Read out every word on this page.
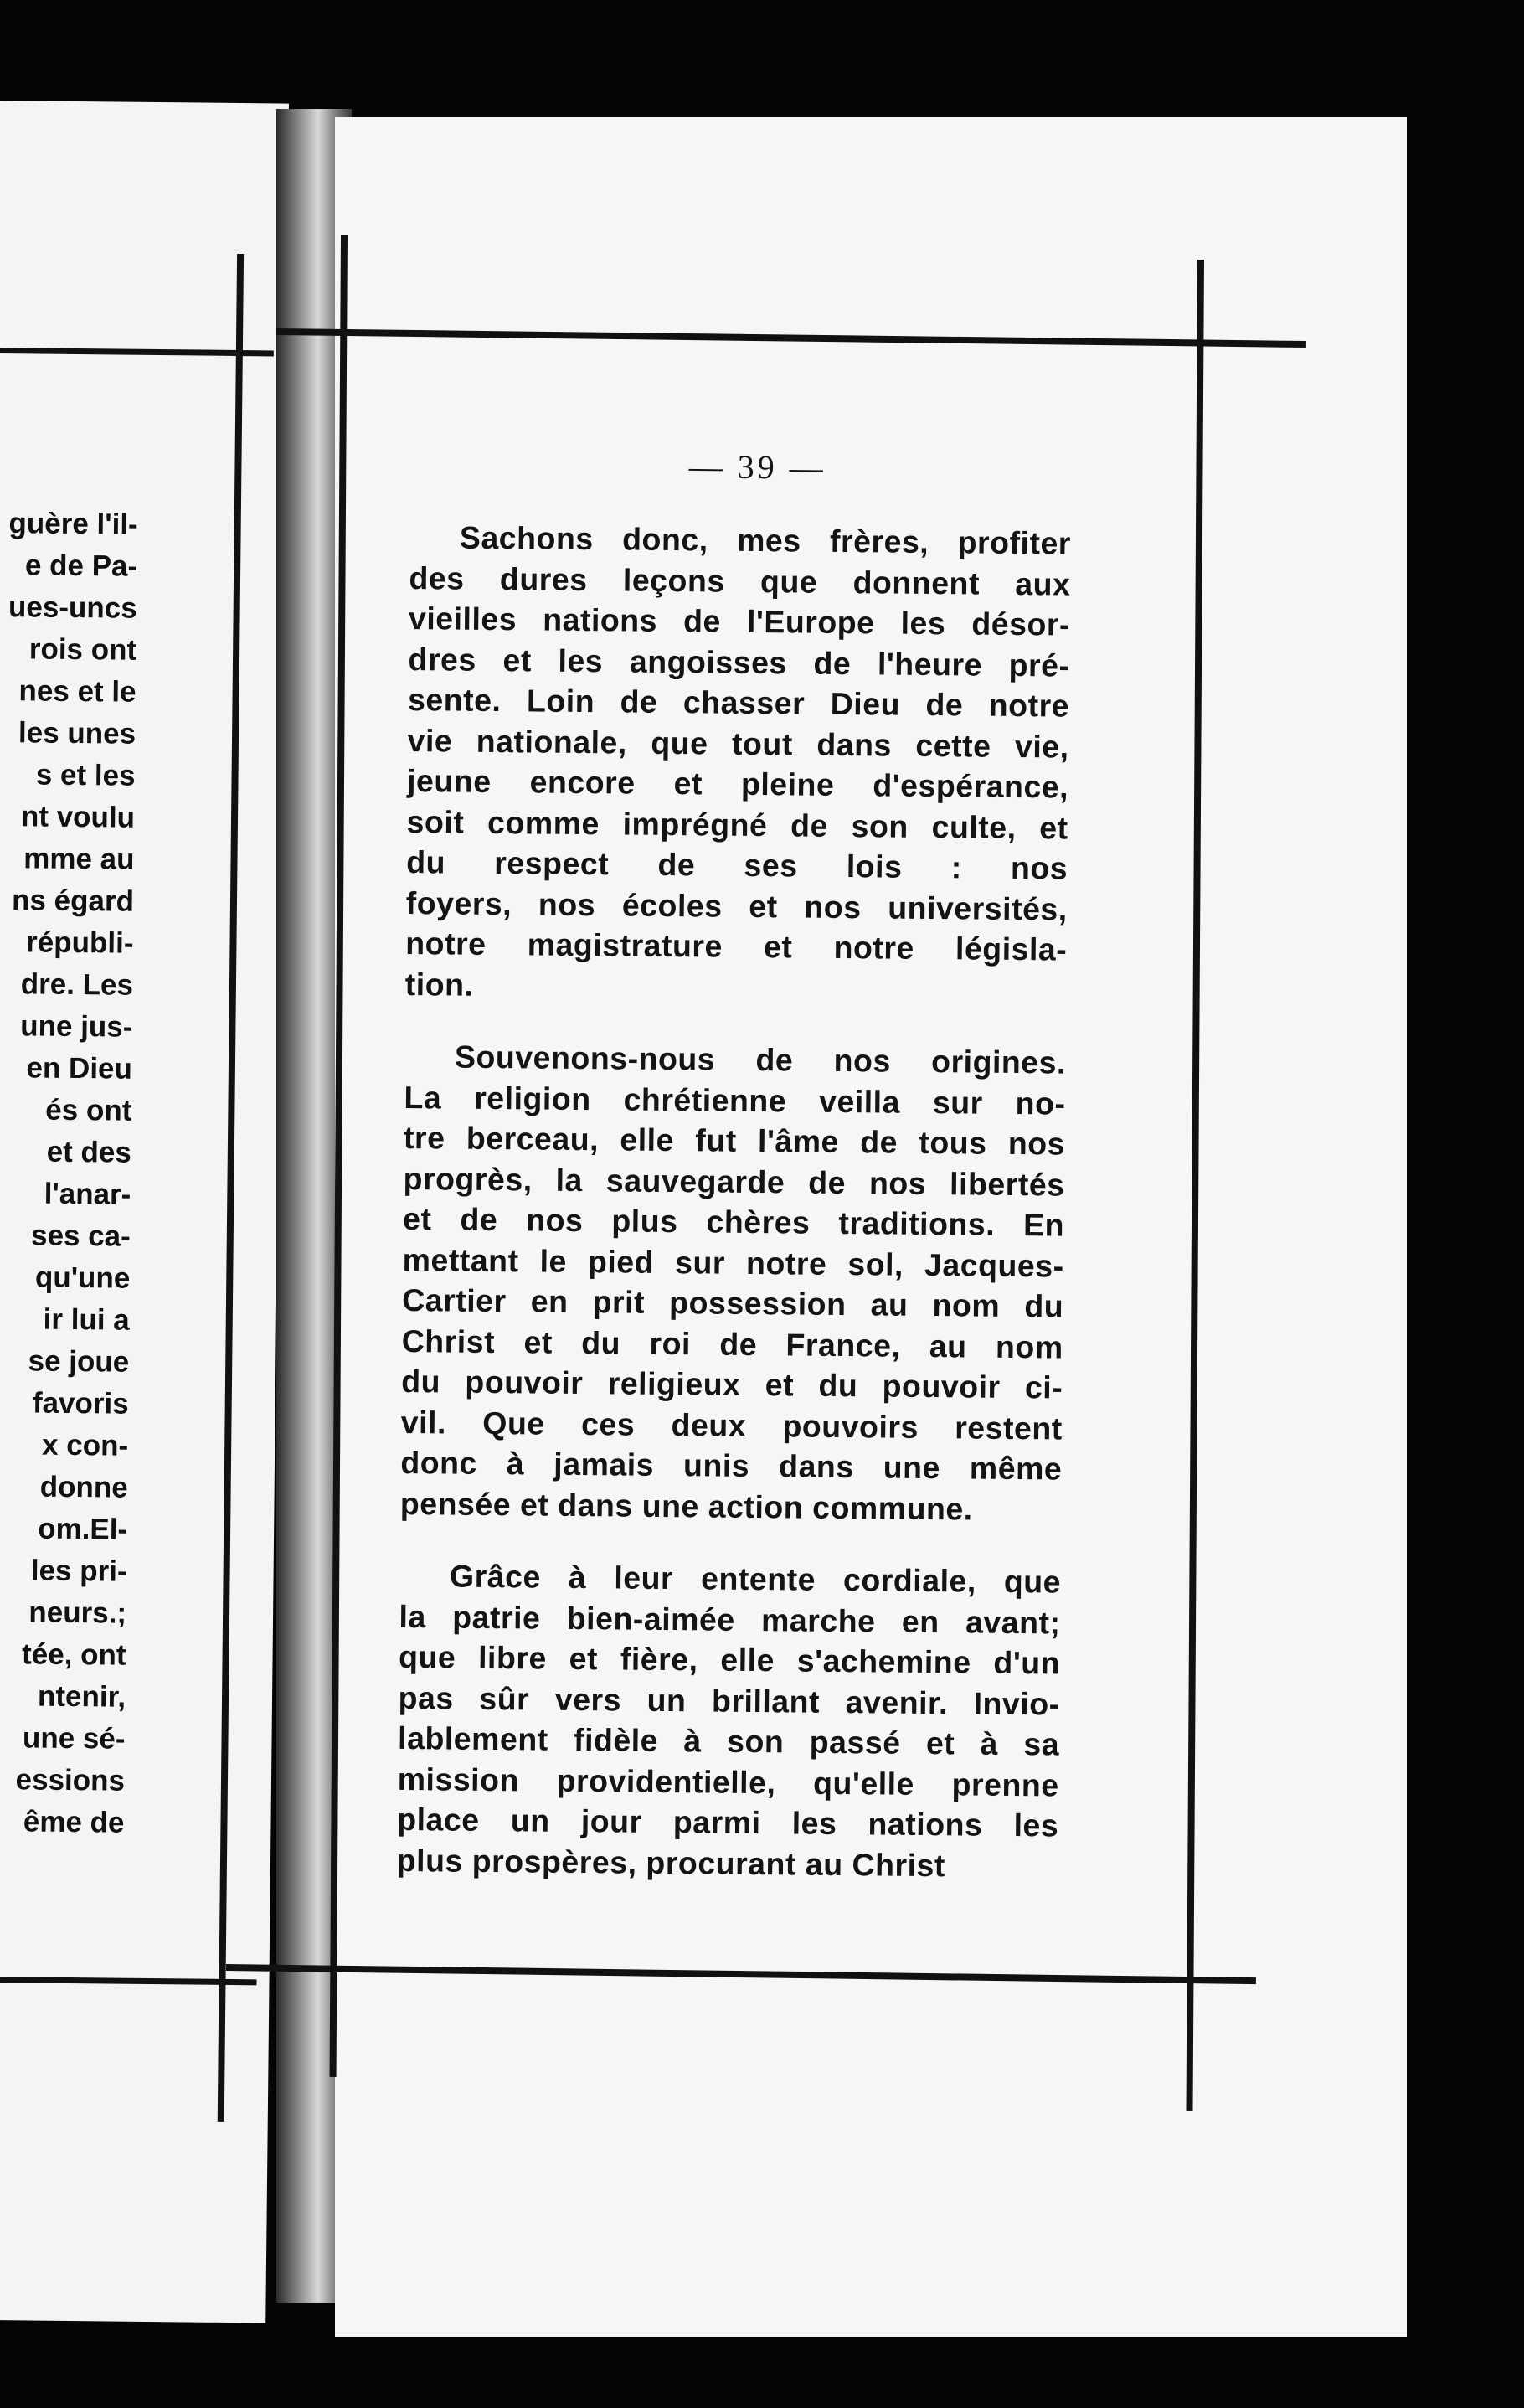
guère l'il-
e de Pa-
ues-uncs
rois ont
nes et le
les unes
s et les
nt voulu
mme au
ns égard
républi-
dre. Les
une jus-
en Dieu
és ont
et des
l'anar-
ses ca-
qu'une
ir lui a
se joue
favoris
x con-
donne
om.El-
les pri-
neurs.;
tée, ont
ntenir,
une sé-
essions
ême de
— 39 —
Sachons donc, mes frères, profiter
des dures leçons que donnent aux
vieilles nations de l'Europe les désor-
dres et les angoisses de l'heure pré-
sente. Loin de chasser Dieu de notre
vie nationale, que tout dans cette vie,
jeune encore et pleine d'espérance,
soit comme imprégné de son culte, et
du respect de ses lois : nos
foyers, nos écoles et nos universités,
notre magistrature et notre législa-
tion.
Souvenons-nous de nos origines.
La religion chrétienne veilla sur no-
tre berceau, elle fut l'âme de tous nos
progrès, la sauvegarde de nos libertés
et de nos plus chères traditions. En
mettant le pied sur notre sol, Jacques-
Cartier en prit possession au nom du
Christ et du roi de France, au nom
du pouvoir religieux et du pouvoir ci-
vil. Que ces deux pouvoirs restent
donc à jamais unis dans une même
pensée et dans une action commune.
Grâce à leur entente cordiale, que
la patrie bien-aimée marche en avant;
que libre et fière, elle s'achemine d'un
pas sûr vers un brillant avenir. Invio-
lablement fidèle à son passé et à sa
mission providentielle, qu'elle prenne
place un jour parmi les nations les
plus prospères, procurant au Christ
